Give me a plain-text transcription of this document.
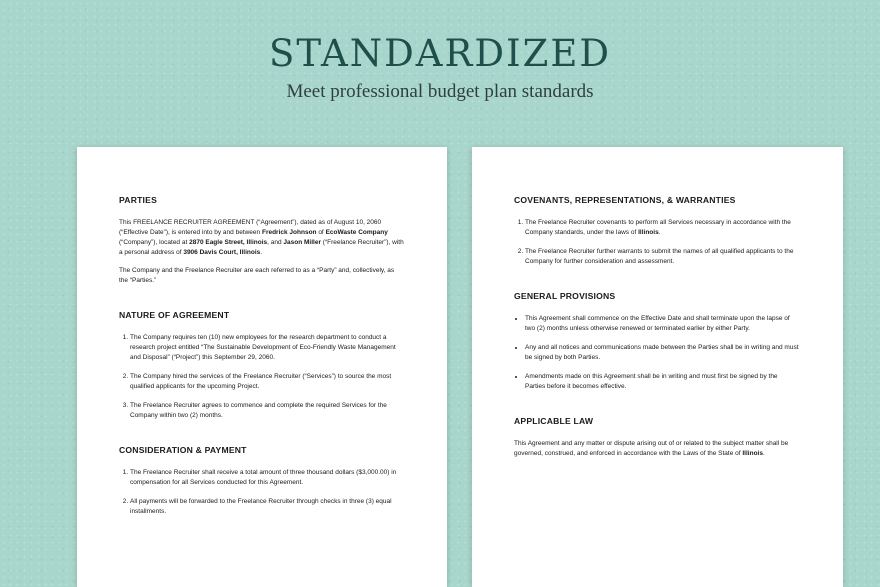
STANDARDIZED

Meet professional budget plan standards

PARTIES

This FREELANCE RECRUITER AGREEMENT (“Agreement”), dated as of August 10, 2060 (“Effective Date”), is entered into by and between Fredrick Johnson of EcoWaste Company (“Company”), located at 2870 Eagle Street, Illinois, and Jason Miller (“Freelance Recruiter”), with a personal address of 3906 Davis Court, Illinois.

The Company and the Freelance Recruiter are each referred to as a “Party” and, collectively, as the “Parties.”

NATURE OF AGREEMENT
1. The Company requires ten (10) new employees for the research department to conduct a research project entitled “The Sustainable Development of Eco-Friendly Waste Management and Disposal” (“Project”) this September 29, 2060.
2. The Company hired the services of the Freelance Recruiter (“Services”) to source the most qualified applicants for the upcoming Project.
3. The Freelance Recruiter agrees to commence and complete the required Services for the Company within two (2) months.
CONSIDERATION & PAYMENT
1. The Freelance Recruiter shall receive a total amount of three thousand dollars ($3,000.00) in compensation for all Services conducted for this Agreement.
2. All payments will be forwarded to the Freelance Recruiter through checks in three (3) equal installments.
COVENANTS, REPRESENTATIONS, & WARRANTIES
1. The Freelance Recruiter covenants to perform all Services necessary in accordance with the Company standards, under the laws of Illinois.
2. The Freelance Recruiter further warrants to submit the names of all qualified applicants to the Company for further consideration and assessment.
GENERAL PROVISIONS
• This Agreement shall commence on the Effective Date and shall terminate upon the lapse of two (2) months unless otherwise renewed or terminated earlier by either Party.
• Any and all notices and communications made between the Parties shall be in writing and must be signed by both Parties.
• Amendments made on this Agreement shall be in writing and must first be signed by the Parties before it becomes effective.
APPLICABLE LAW

This Agreement and any matter or dispute arising out of or related to the subject matter shall be governed, construed, and enforced in accordance with the Laws of the State of Illinois.
